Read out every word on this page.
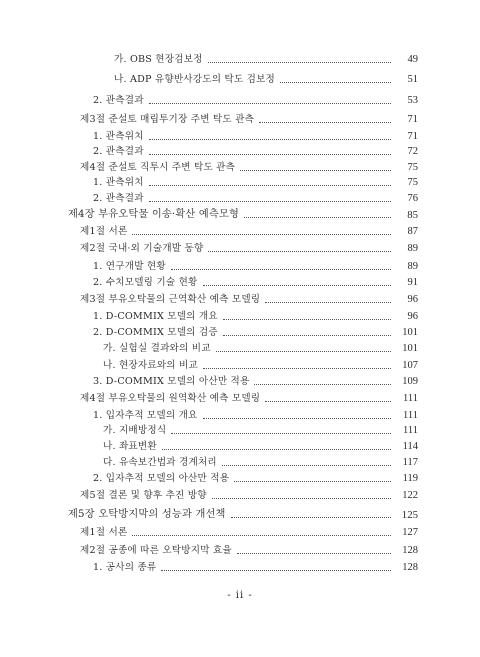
가. OBS 현장검보정	49
나. ADP 유향반사강도의 탁도 검보정	51
2. 관측결과	53
제3절 준설토 매립투기장 주변 탁도 관측	71
1. 관측위치	71
2. 관측결과	72
제4절 준설토 직투시 주변 탁도 관측	75
1. 관측위치	75
2. 관측결과	76
제4장 부유오탁물 이송·확산 예측모형	85
제1절 서론	87
제2절 국내·외 기술개발 동향	89
1. 연구개발 현황	89
2. 수치모델링 기술 현황	91
제3절 부유오탁물의 근역확산 예측 모델링	96
1. D-COMMIX 모델의 개요	96
2. D-COMMIX 모델의 검증	101
가. 실험실 결과와의 비교	101
나. 현장자료와의 비교	107
3. D-COMMIX 모델의 아산만 적용	109
제4절 부유오탁물의 원역확산 예측 모델링	111
1. 입자추적 모델의 개요	111
가. 지배방정식	111
나. 좌표변환	114
다. 유속보간법과 경계처리	117
2. 입자추적 모델의 아산만 적용	119
제5절 결론 및 향후 추진 방향	122
제5장 오탁방지막의 성능과 개선책	125
제1절 서론	127
제2절 공종에 따른 오탁방지막 효율	128
1. 공사의 종류	128
- ii -
